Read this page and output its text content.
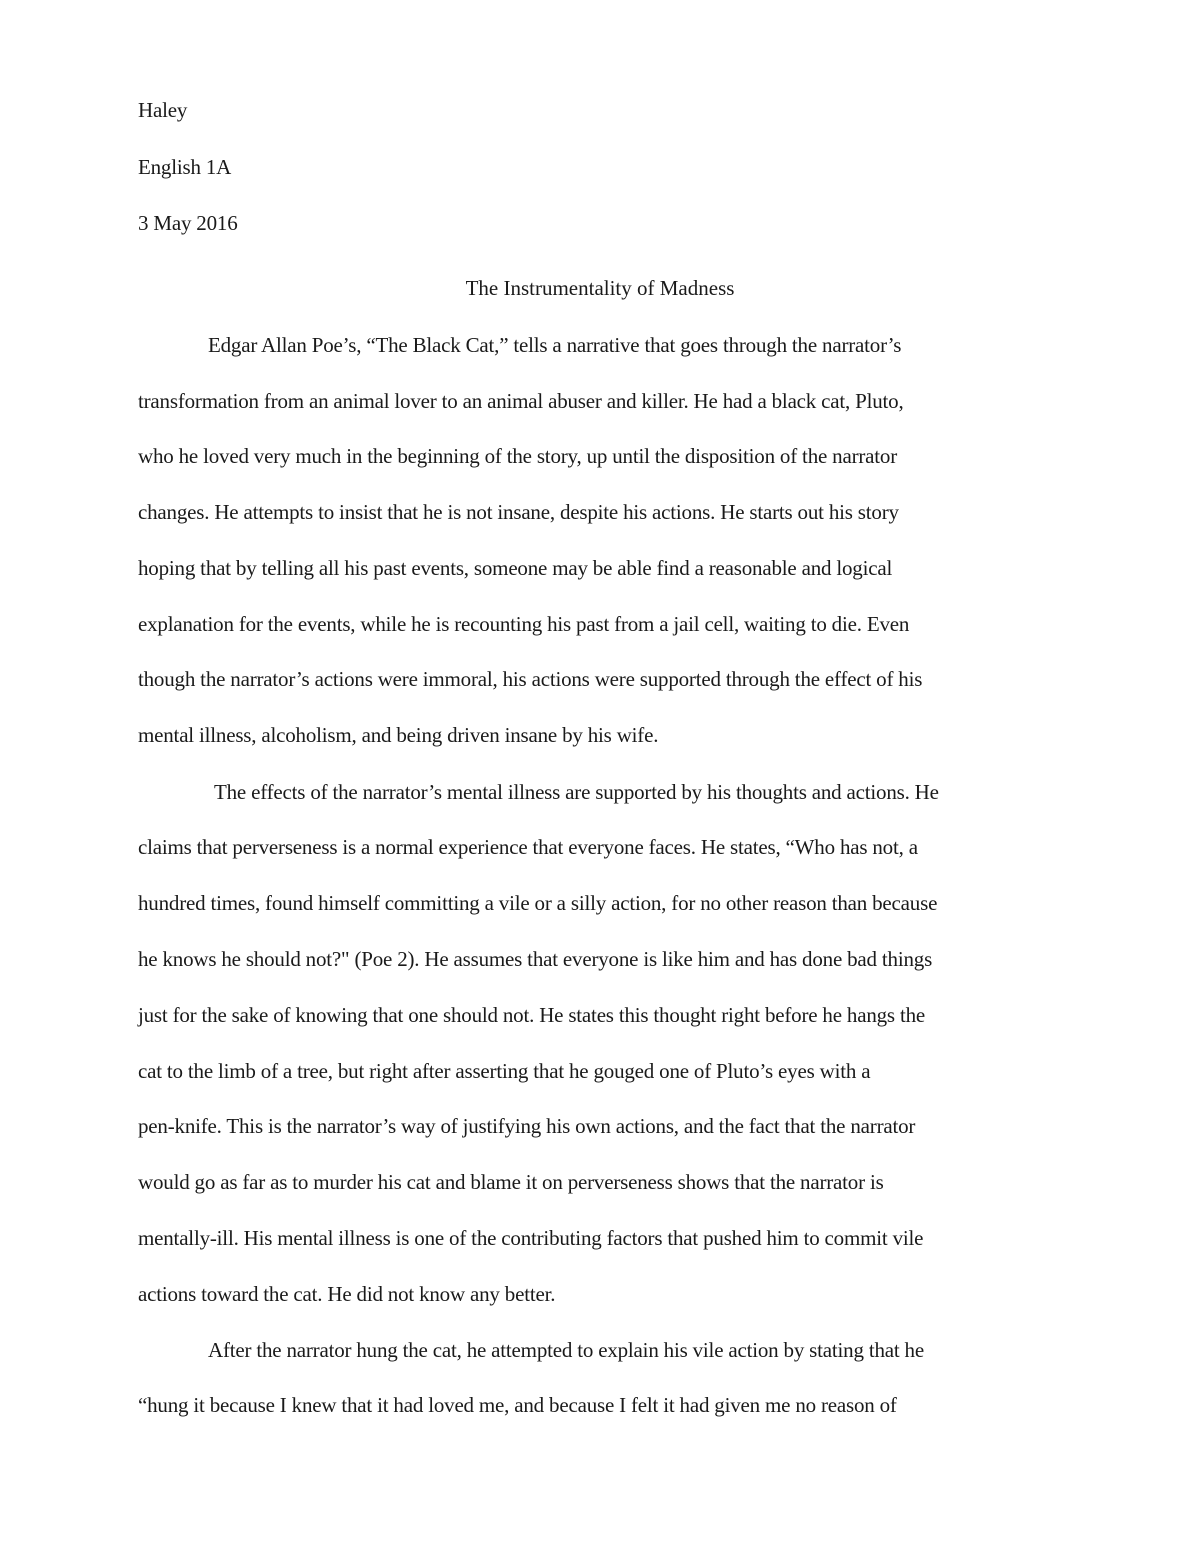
Haley
English 1A
3 May 2016
The Instrumentality of Madness
Edgar Allan Poe’s, “The Black Cat,” tells a narrative that goes through the narrator’s
transformation from an animal lover to an animal abuser and killer. He had a black cat, Pluto,
who he loved very much in the beginning of the story, up until the disposition of the narrator
changes. He attempts to insist that he is not insane, despite his actions. He starts out his story
hoping that by telling all his past events, someone may be able find a reasonable and logical
explanation for the events, while he is recounting his past from a jail cell, waiting to die. Even
though the narrator’s actions were immoral, his actions were supported through the effect of his
mental illness, alcoholism, and being driven insane by his wife.
The effects of the narrator’s mental illness are supported by his thoughts and actions. He
claims that perverseness is a normal experience that everyone faces. He states, “Who has not, a
hundred times, found himself committing a vile or a silly action, for no other reason than because
he knows he should not?" (Poe 2). He assumes that everyone is like him and has done bad things
just for the sake of knowing that one should not. He states this thought right before he hangs the
cat to the limb of a tree, but right after asserting that he gouged one of Pluto’s eyes with a
pen-knife. This is the narrator’s way of justifying his own actions, and the fact that the narrator
would go as far as to murder his cat and blame it on perverseness shows that the narrator is
mentally-ill. His mental illness is one of the contributing factors that pushed him to commit vile
actions toward the cat. He did not know any better.
After the narrator hung the cat, he attempted to explain his vile action by stating that he
“hung it because I knew that it had loved me, and because I felt it had given me no reason of
